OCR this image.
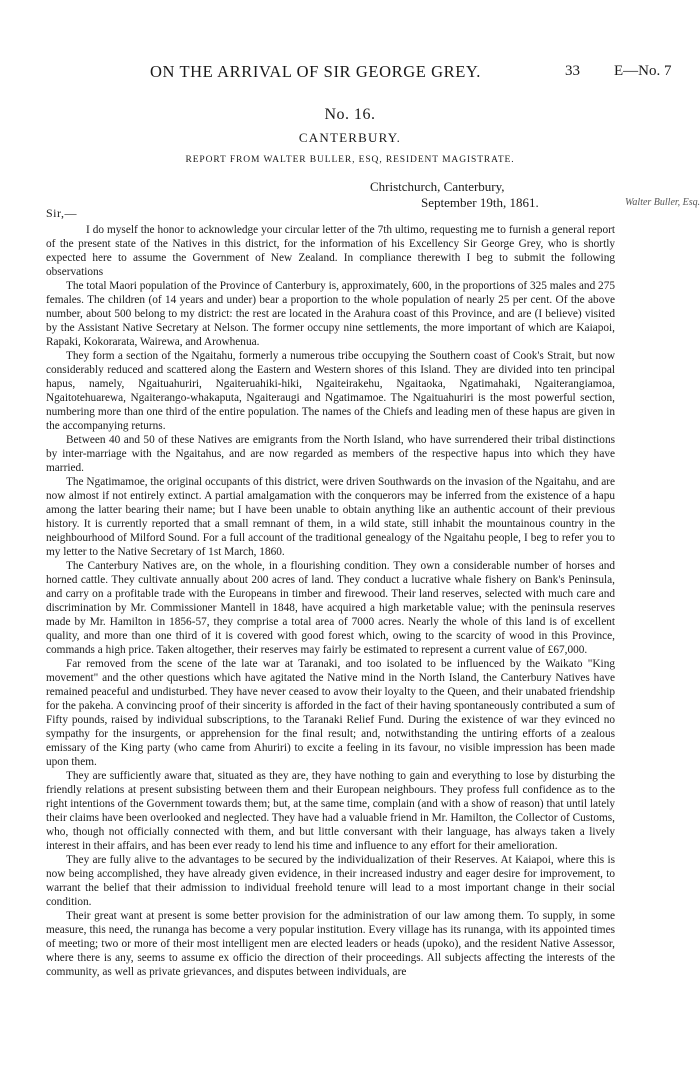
ON THE ARRIVAL OF SIR GEORGE GREY.	33 E—No. 7
No. 16.
CANTERBURY.
REPORT FROM WALTER BULLER, ESQ, RESIDENT MAGISTRATE.
Christchurch, Canterbury,
September 19th, 1861.	Walter Buller, Esq.
Sir,—

I do myself the honor to acknowledge your circular letter of the 7th ultimo, requesting me to furnish a general report of the present state of the Natives in this district, for the information of his Excellency Sir George Grey, who is shortly expected here to assume the Government of New Zealand. In compliance therewith I beg to submit the following observations

The total Maori population of the Province of Canterbury is, approximately, 600, in the proportions of 325 males and 275 females. The children (of 14 years and under) bear a proportion to the whole population of nearly 25 per cent. Of the above number, about 500 belong to my district: the rest are located in the Arahura coast of this Province, and are (I believe) visited by the Assistant Native Secretary at Nelson. The former occupy nine settlements, the more important of which are Kaiapoi, Rapaki, Kokorarata, Wairewa, and Arowhenua.

They form a section of the Ngaitahu, formerly a numerous tribe occupying the Southern coast of Cook's Strait, but now considerably reduced and scattered along the Eastern and Western shores of this Island. They are divided into ten principal hapus, namely, Ngaituahuriri, Ngaiteruahiki-hiki, Ngaiteirakehu, Ngaitaoka, Ngatimahaki, Ngaiterangiamoa, Ngaitotehuarewa, Ngaiterango-whakaputa, Ngaiteraugi and Ngatimamoe. The Ngaituahuriri is the most powerful section, numbering more than one third of the entire population. The names of the Chiefs and leading men of these hapus are given in the accompanying returns.

Between 40 and 50 of these Natives are emigrants from the North Island, who have surrendered their tribal distinctions by inter-marriage with the Ngaitahus, and are now regarded as members of the respective hapus into which they have married.

The Ngatimamoe, the original occupants of this district, were driven Southwards on the invasion of the Ngaitahu, and are now almost if not entirely extinct. A partial amalgamation with the conquerors may be inferred from the existence of a hapu among the latter bearing their name; but I have been unable to obtain anything like an authentic account of their previous history. It is currently reported that a small remnant of them, in a wild state, still inhabit the mountainous country in the neighbourhood of Milford Sound. For a full account of the traditional genealogy of the Ngaitahu people, I beg to refer you to my letter to the Native Secretary of 1st March, 1860.

The Canterbury Natives are, on the whole, in a flourishing condition. They own a considerable number of horses and horned cattle. They cultivate annually about 200 acres of land. They conduct a lucrative whale fishery on Bank's Peninsula, and carry on a profitable trade with the Europeans in timber and firewood. Their land reserves, selected with much care and discrimination by Mr. Commissioner Mantell in 1848, have acquired a high marketable value; with the peninsula reserves made by Mr. Hamilton in 1856-57, they comprise a total area of 7000 acres. Nearly the whole of this land is of excellent quality, and more than one third of it is covered with good forest which, owing to the scarcity of wood in this Province, commands a high price. Taken altogether, their reserves may fairly be estimated to represent a current value of £67,000.

Far removed from the scene of the late war at Taranaki, and too isolated to be influenced by the Waikato "King movement" and the other questions which have agitated the Native mind in the North Island, the Canterbury Natives have remained peaceful and undisturbed. They have never ceased to avow their loyalty to the Queen, and their unabated friendship for the pakeha. A convincing proof of their sincerity is afforded in the fact of their having spontaneously contributed a sum of Fifty pounds, raised by individual subscriptions, to the Taranaki Relief Fund. During the existence of war they evinced no sympathy for the insurgents, or apprehension for the final result; and, notwithstanding the untiring efforts of a zealous emissary of the King party (who came from Ahuriri) to excite a feeling in its favour, no visible impression has been made upon them.

They are sufficiently aware that, situated as they are, they have nothing to gain and everything to lose by disturbing the friendly relations at present subsisting between them and their European neighbours. They profess full confidence as to the right intentions of the Government towards them; but, at the same time, complain (and with a show of reason) that until lately their claims have been overlooked and neglected. They have had a valuable friend in Mr. Hamilton, the Collector of Customs, who, though not officially connected with them, and but little conversant with their language, has always taken a lively interest in their affairs, and has been ever ready to lend his time and influence to any effort for their amelioration.

They are fully alive to the advantages to be secured by the individualization of their Reserves. At Kaiapoi, where this is now being accomplished, they have already given evidence, in their increased industry and eager desire for improvement, to warrant the belief that their admission to individual freehold tenure will lead to a most important change in their social condition.

Their great want at present is some better provision for the administration of our law among them. To supply, in some measure, this need, the runanga has become a very popular institution. Every village has its runanga, with its appointed times of meeting; two or more of their most intelligent men are elected leaders or heads (upoko), and the resident Native Assessor, where there is any, seems to assume ex officio the direction of their proceedings. All subjects affecting the interests of the community, as well as private grievances, and disputes between individuals, are
